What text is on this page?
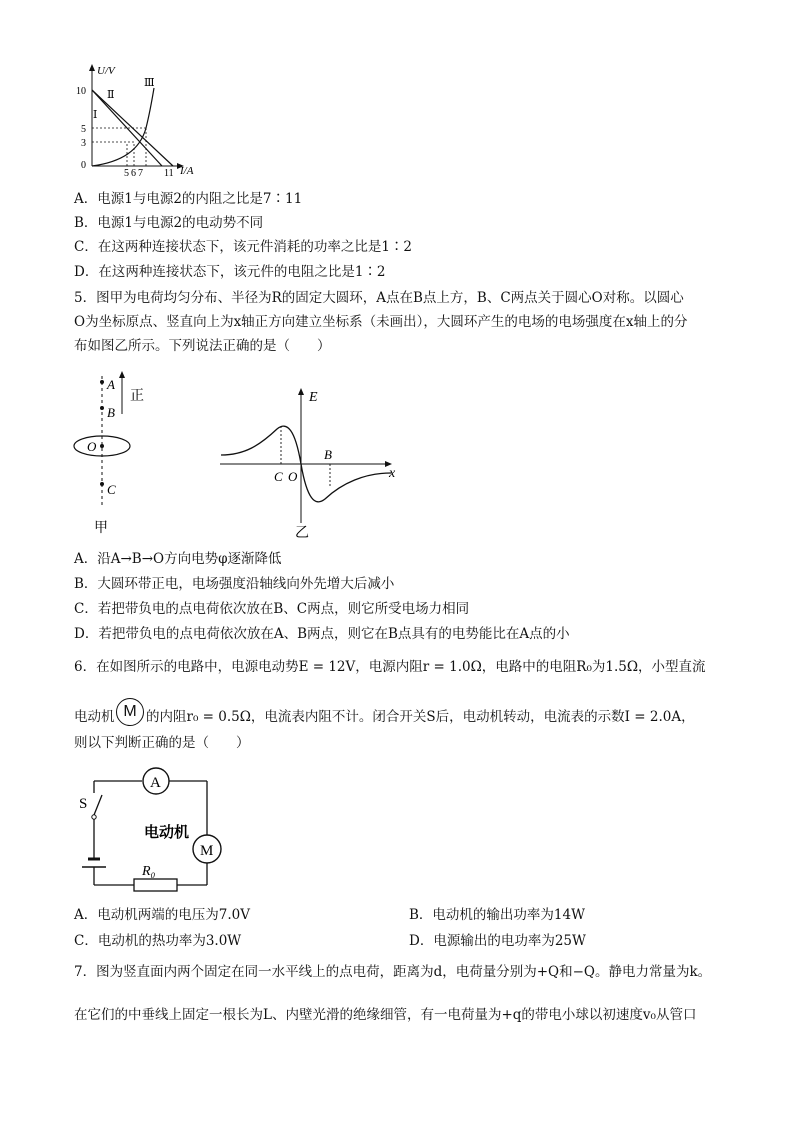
U/V
I/A
10
5
3
0
5 6 7 11
Ⅰ
Ⅱ
Ⅲ
A．电源1与电源2的内阻之比是7∶11
B．电源1与电源2的电动势不同
C．在这两种连接状态下，该元件消耗的功率之比是1∶2
D．在这两种连接状态下，该元件的电阻之比是1∶2
5．图甲为电荷均匀分布、半径为R的固定大圆环，A点在B点上方，B、C两点关于圆心O对称。以圆心
O为坐标原点、竖直向上为x轴正方向建立坐标系（未画出），大圆环产生的电场的电场强度在x轴上的分
布如图乙所示。下列说法正确的是（　　）
A
B
O
C
正
甲
E
x
C O
B
乙
A．沿A→B→O方向电势φ逐渐降低
B．大圆环带正电，电场强度沿轴线向外先增大后减小
C．若把带负电的点电荷依次放在B、C两点，则它所受电场力相同
D．若把带负电的点电荷依次放在A、B两点，则它在B点具有的电势能比在A点的小
6．在如图所示的电路中，电源电动势E = 12V，电源内阻r = 1.0Ω，电路中的电阻R₀为1.5Ω，小型直流
电动机 M 的内阻r₀ = 0.5Ω，电流表内阻不计。闭合开关S后，电动机转动，电流表的示数I = 2.0A，
则以下判断正确的是（　　）
A
S
电动机
M
R₀
A．电动机两端的电压为7.0V	B．电动机的输出功率为14W
C．电动机的热功率为3.0W	D．电源输出的电功率为25W
7．图为竖直面内两个固定在同一水平线上的点电荷，距离为d，电荷量分别为+Q和−Q。静电力常量为k。
在它们的中垂线上固定一根长为L、内壁光滑的绝缘细管，有一电荷量为+q的带电小球以初速度v₀从管口
